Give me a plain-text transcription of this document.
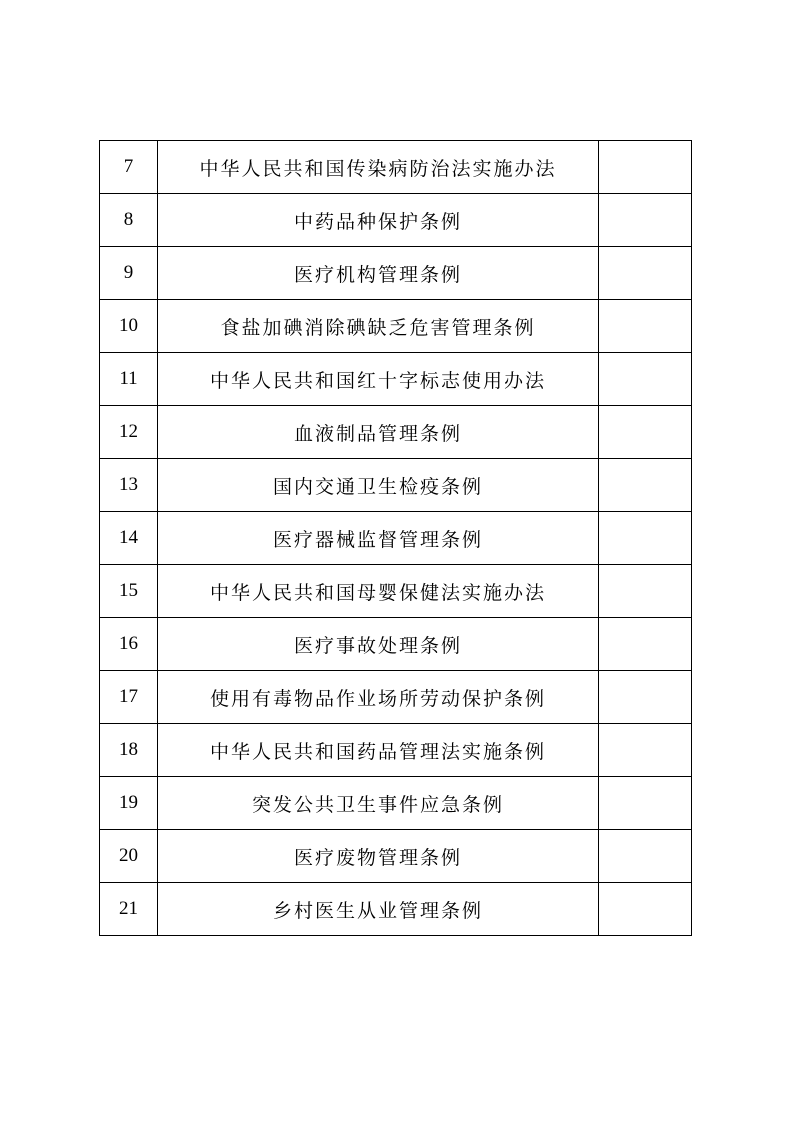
7	中华人民共和国传染病防治法实施办法	
8	中药品种保护条例	
9	医疗机构管理条例	
10	食盐加碘消除碘缺乏危害管理条例	
11	中华人民共和国红十字标志使用办法	
12	血液制品管理条例	
13	国内交通卫生检疫条例	
14	医疗器械监督管理条例	
15	中华人民共和国母婴保健法实施办法	
16	医疗事故处理条例	
17	使用有毒物品作业场所劳动保护条例	
18	中华人民共和国药品管理法实施条例	
19	突发公共卫生事件应急条例	
20	医疗废物管理条例	
21	乡村医生从业管理条例	
